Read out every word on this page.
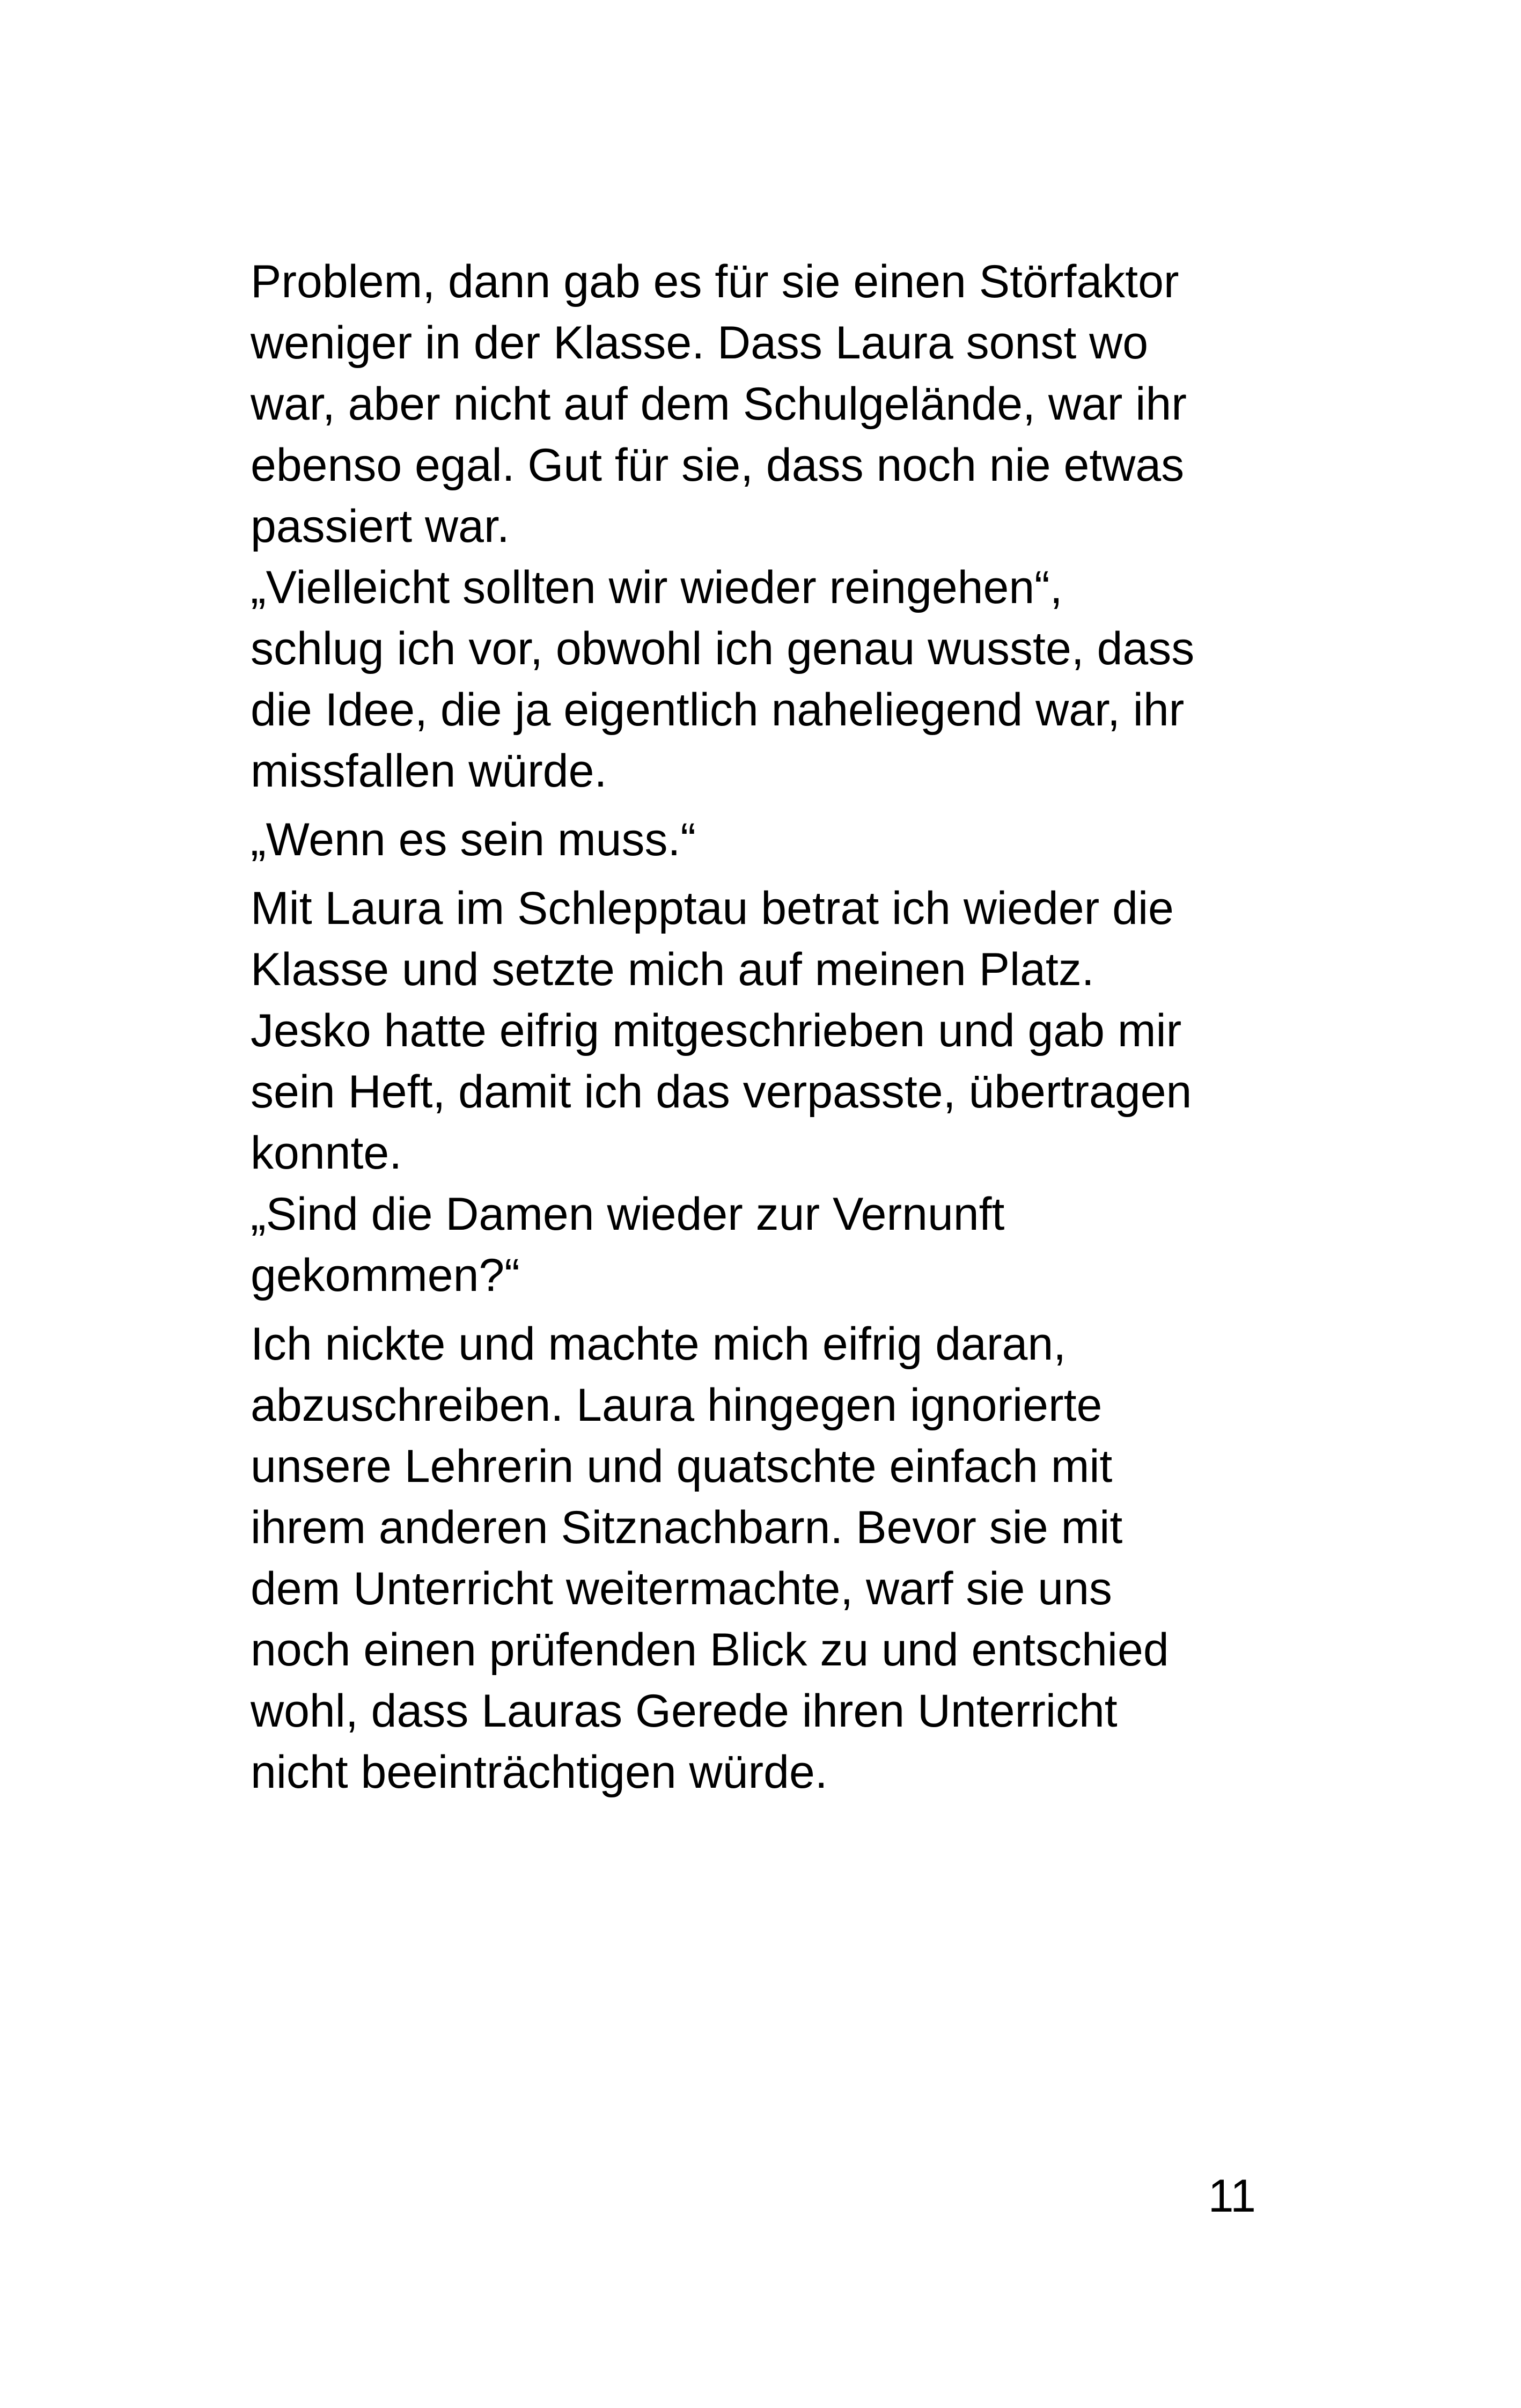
Problem, dann gab es für sie einen Störfaktor
weniger in der Klasse. Dass Laura sonst wo
war, aber nicht auf dem Schulgelände, war ihr
ebenso egal. Gut für sie, dass noch nie etwas
passiert war.
„Vielleicht sollten wir wieder reingehen“,
schlug ich vor, obwohl ich genau wusste, dass
die Idee, die ja eigentlich naheliegend war, ihr
missfallen würde.
„Wenn es sein muss.“
Mit Laura im Schlepptau betrat ich wieder die
Klasse und setzte mich auf meinen Platz.
Jesko hatte eifrig mitgeschrieben und gab mir
sein Heft, damit ich das verpasste, übertragen
konnte.
„Sind die Damen wieder zur Vernunft
gekommen?“
Ich nickte und machte mich eifrig daran,
abzuschreiben. Laura hingegen ignorierte
unsere Lehrerin und quatschte einfach mit
ihrem anderen Sitznachbarn. Bevor sie mit
dem Unterricht weitermachte, warf sie uns
noch einen prüfenden Blick zu und entschied
wohl, dass Lauras Gerede ihren Unterricht
nicht beeinträchtigen würde.
11
